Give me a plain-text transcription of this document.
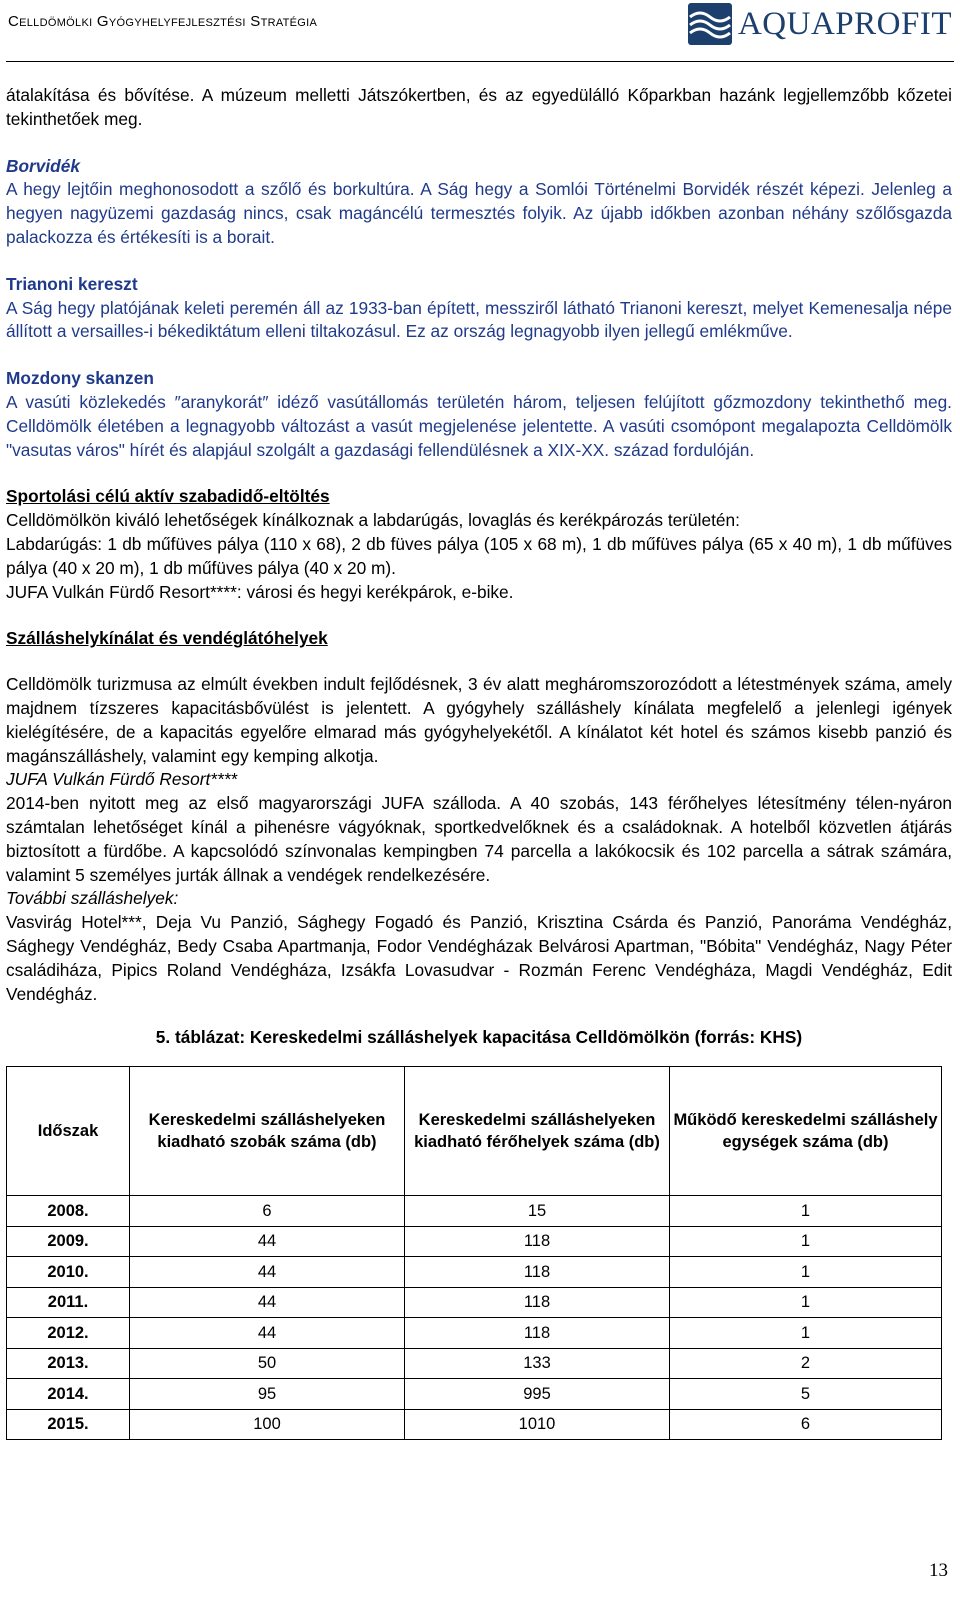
Celldömölki Gyógyhelyfejlesztési Stratégia	AQUAPROFIT

átalakítása és bővítése. A múzeum melletti Játszókertben, és az egyedülálló Kőparkban hazánk legjellemzőbb kőzetei tekinthetőek meg.

Borvidék

A hegy lejtőin meghonosodott a szőlő és borkultúra. A Ság hegy a Somlói Történelmi Borvidék részét képezi. Jelenleg a hegyen nagyüzemi gazdaság nincs, csak magáncélú termesztés folyik. Az újabb időkben azonban néhány szőlősgazda palackozza és értékesíti is a borait.

Trianoni kereszt

A Ság hegy platójának keleti peremén áll az 1933-ban épített, messziről látható Trianoni kereszt, melyet Kemenesalja népe állított a versailles-i békediktátum elleni tiltakozásul. Ez az ország legnagyobb ilyen jellegű emlékműve.

Mozdony skanzen

A vasúti közlekedés ″aranykorát″ idéző vasútállomás területén három, teljesen felújított gőzmozdony tekinthethő meg. Celldömölk életében a legnagyobb változást a vasút megjelenése jelentette. A vasúti csomópont megalapozta Celldömölk "vasutas város" hírét és alapjául szolgált a gazdasági fellendülésnek a XIX-XX. század fordulóján.

Sportolási célú aktív szabadidő-eltöltés

Celldömölkön kiváló lehetőségek kínálkoznak a labdarúgás, lovaglás és kerékpározás területén:

Labdarúgás: 1 db műfüves pálya (110 x 68), 2 db füves pálya (105 x 68 m), 1 db műfüves pálya (65 x 40 m), 1 db műfüves pálya (40 x 20 m), 1 db műfüves pálya (40 x 20 m).

JUFA Vulkán Fürdő Resort****: városi és hegyi kerékpárok, e-bike.

Szálláshelykínálat és vendéglátóhelyek

Celldömölk turizmusa az elmúlt években indult fejlődésnek, 3 év alatt megháromszorozódott a létestmények száma, amely majdnem tízszeres kapacitásbővülést is jelentett. A gyógyhely szálláshely kínálata megfelelő a jelenlegi igények kielégítésére, de a kapacitás egyelőre elmarad más gyógyhelyekétől. A kínálatot két hotel és számos kisebb panzió és magánszálláshely, valamint egy kemping alkotja.

JUFA Vulkán Fürdő Resort****

2014-ben nyitott meg az első magyarországi JUFA szálloda. A 40 szobás, 143 férőhelyes létesítmény télen-nyáron számtalan lehetőséget kínál a pihenésre vágyóknak, sportkedvelőknek és a családoknak. A hotelből közvetlen átjárás biztosított a fürdőbe. A kapcsolódó színvonalas kempingben 74 parcella a lakókocsik és 102 parcella a sátrak számára, valamint 5 személyes jurták állnak a vendégek rendelkezésére.

További szálláshelyek:

Vasvirág Hotel***, Deja Vu Panzió, Sághegy Fogadó és Panzió, Krisztina Csárda és Panzió, Panoráma Vendégház, Sághegy Vendégház, Bedy Csaba Apartmanja, Fodor Vendégházak Belvárosi Apartman, "Bóbita" Vendégház, Nagy Péter családiháza, Pipics Roland Vendégháza, Izsákfa Lovasudvar - Rozmán Ferenc Vendégháza, Magdi Vendégház, Edit Vendégház.

5. táblázat: Kereskedelmi szálláshelyek kapacitása Celldömölkön (forrás: KHS)
Időszak	Kereskedelmi szálláshelyeken kiadható szobák száma (db)	Kereskedelmi szálláshelyeken kiadható férőhelyek száma (db)	Működő kereskedelmi szálláshely egységek száma (db)
2008.	6	15	1
2009.	44	118	1
2010.	44	118	1
2011.	44	118	1
2012.	44	118	1
2013.	50	133	2
2014.	95	995	5
2015.	100	1010	6
13
